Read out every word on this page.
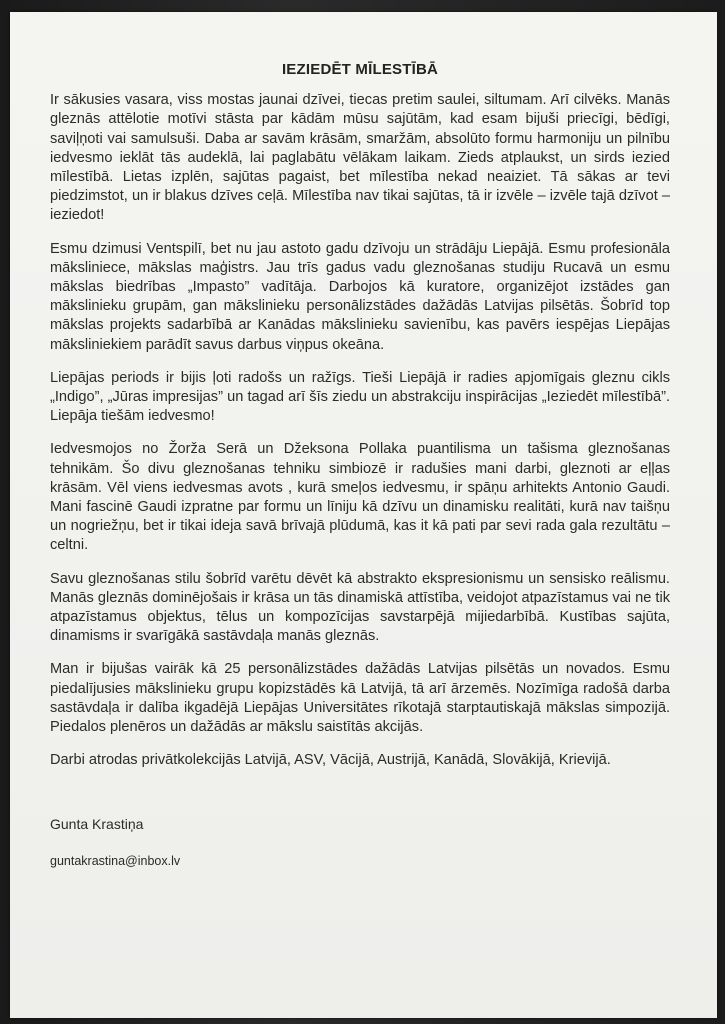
IEZIEDĒT MĪLESTĪBĀ

Ir sākusies vasara, viss mostas jaunai dzīvei, tiecas pretim saulei, siltumam. Arī cilvēks. Manās gleznās attēlotie motīvi stāsta par kādām mūsu sajūtām, kad esam bijuši priecīgi, bēdīgi, saviļņoti vai samulsuši. Daba ar savām krāsām, smaržām, absolūto formu harmoniju un pilnību iedvesmo ieklāt tās audeklā, lai paglabātu vēlākam laikam. Zieds atplaukst, un sirds iezied mīlestībā. Lietas izplēn, sajūtas pagaist, bet mīlestība nekad neaiziet. Tā sākas ar tevi piedzimstot, un ir blakus dzīves ceļā. Mīlestība nav tikai sajūtas, tā ir izvēle – izvēle tajā dzīvot – ieziedot!

Esmu dzimusi Ventspilī, bet nu jau astoto gadu dzīvoju un strādāju Liepājā. Esmu profesionāla māksliniece, mākslas maģistrs. Jau trīs gadus vadu gleznošanas studiju Rucavā un esmu mākslas biedrības „Impasto” vadītāja. Darbojos kā kuratore, organizējot izstādes gan mākslinieku grupām, gan mākslinieku personālizstādes dažādās Latvijas pilsētās. Šobrīd top mākslas projekts sadarbībā ar Kanādas mākslinieku savienību, kas pavērs iespējas Liepājas māksliniekiem parādīt savus darbus viņpus okeāna.

Liepājas periods ir bijis ļoti radošs un ražīgs. Tieši Liepājā ir radies apjomīgais gleznu cikls „Indigo”, „Jūras impresijas” un tagad arī šīs ziedu un abstrakciju inspirācijas „Ieziedēt mīlestībā”. Liepāja tiešām iedvesmo!

Iedvesmojos no Žorža Serā un Džeksona Pollaka puantilisma un tašisma gleznošanas tehnikām. Šo divu gleznošanas tehniku simbiozē ir radušies mani darbi, gleznoti ar eļļas krāsām. Vēl viens iedvesmas avots , kurā smeļos iedvesmu, ir spāņu arhitekts Antonio Gaudi. Mani fascinē Gaudi izpratne par formu un līniju kā dzīvu un dinamisku realitāti, kurā nav taišņu un nogriežņu, bet ir tikai ideja savā brīvajā plūdumā, kas it kā pati par sevi rada gala rezultātu – celtni.

Savu gleznošanas stilu šobrīd varētu dēvēt kā abstrakto ekspresionismu un sensisko reālismu. Manās gleznās dominējošais ir krāsa un tās dinamiskā attīstība, veidojot atpazīstamus vai ne tik atpazīstamus objektus, tēlus un kompozīcijas savstarpējā mijiedarbībā. Kustības sajūta, dinamisms ir svarīgākā sastāvdaļa manās gleznās.

Man ir bijušas vairāk kā 25 personālizstādes dažādās Latvijas pilsētās un novados. Esmu piedalījusies mākslinieku grupu kopizstādēs kā Latvijā, tā arī ārzemēs. Nozīmīga radošā darba sastāvdaļa ir dalība ikgadējā Liepājas Universitātes rīkotajā starptautiskajā mākslas simpozijā. Piedalos plenēros un dažādās ar mākslu saistītās akcijās.

Darbi atrodas privātkolekcijās Latvijā, ASV, Vācijā, Austrijā, Kanādā, Slovākijā, Krievijā.

Gunta Krastiņa
guntakrastina@inbox.lv
